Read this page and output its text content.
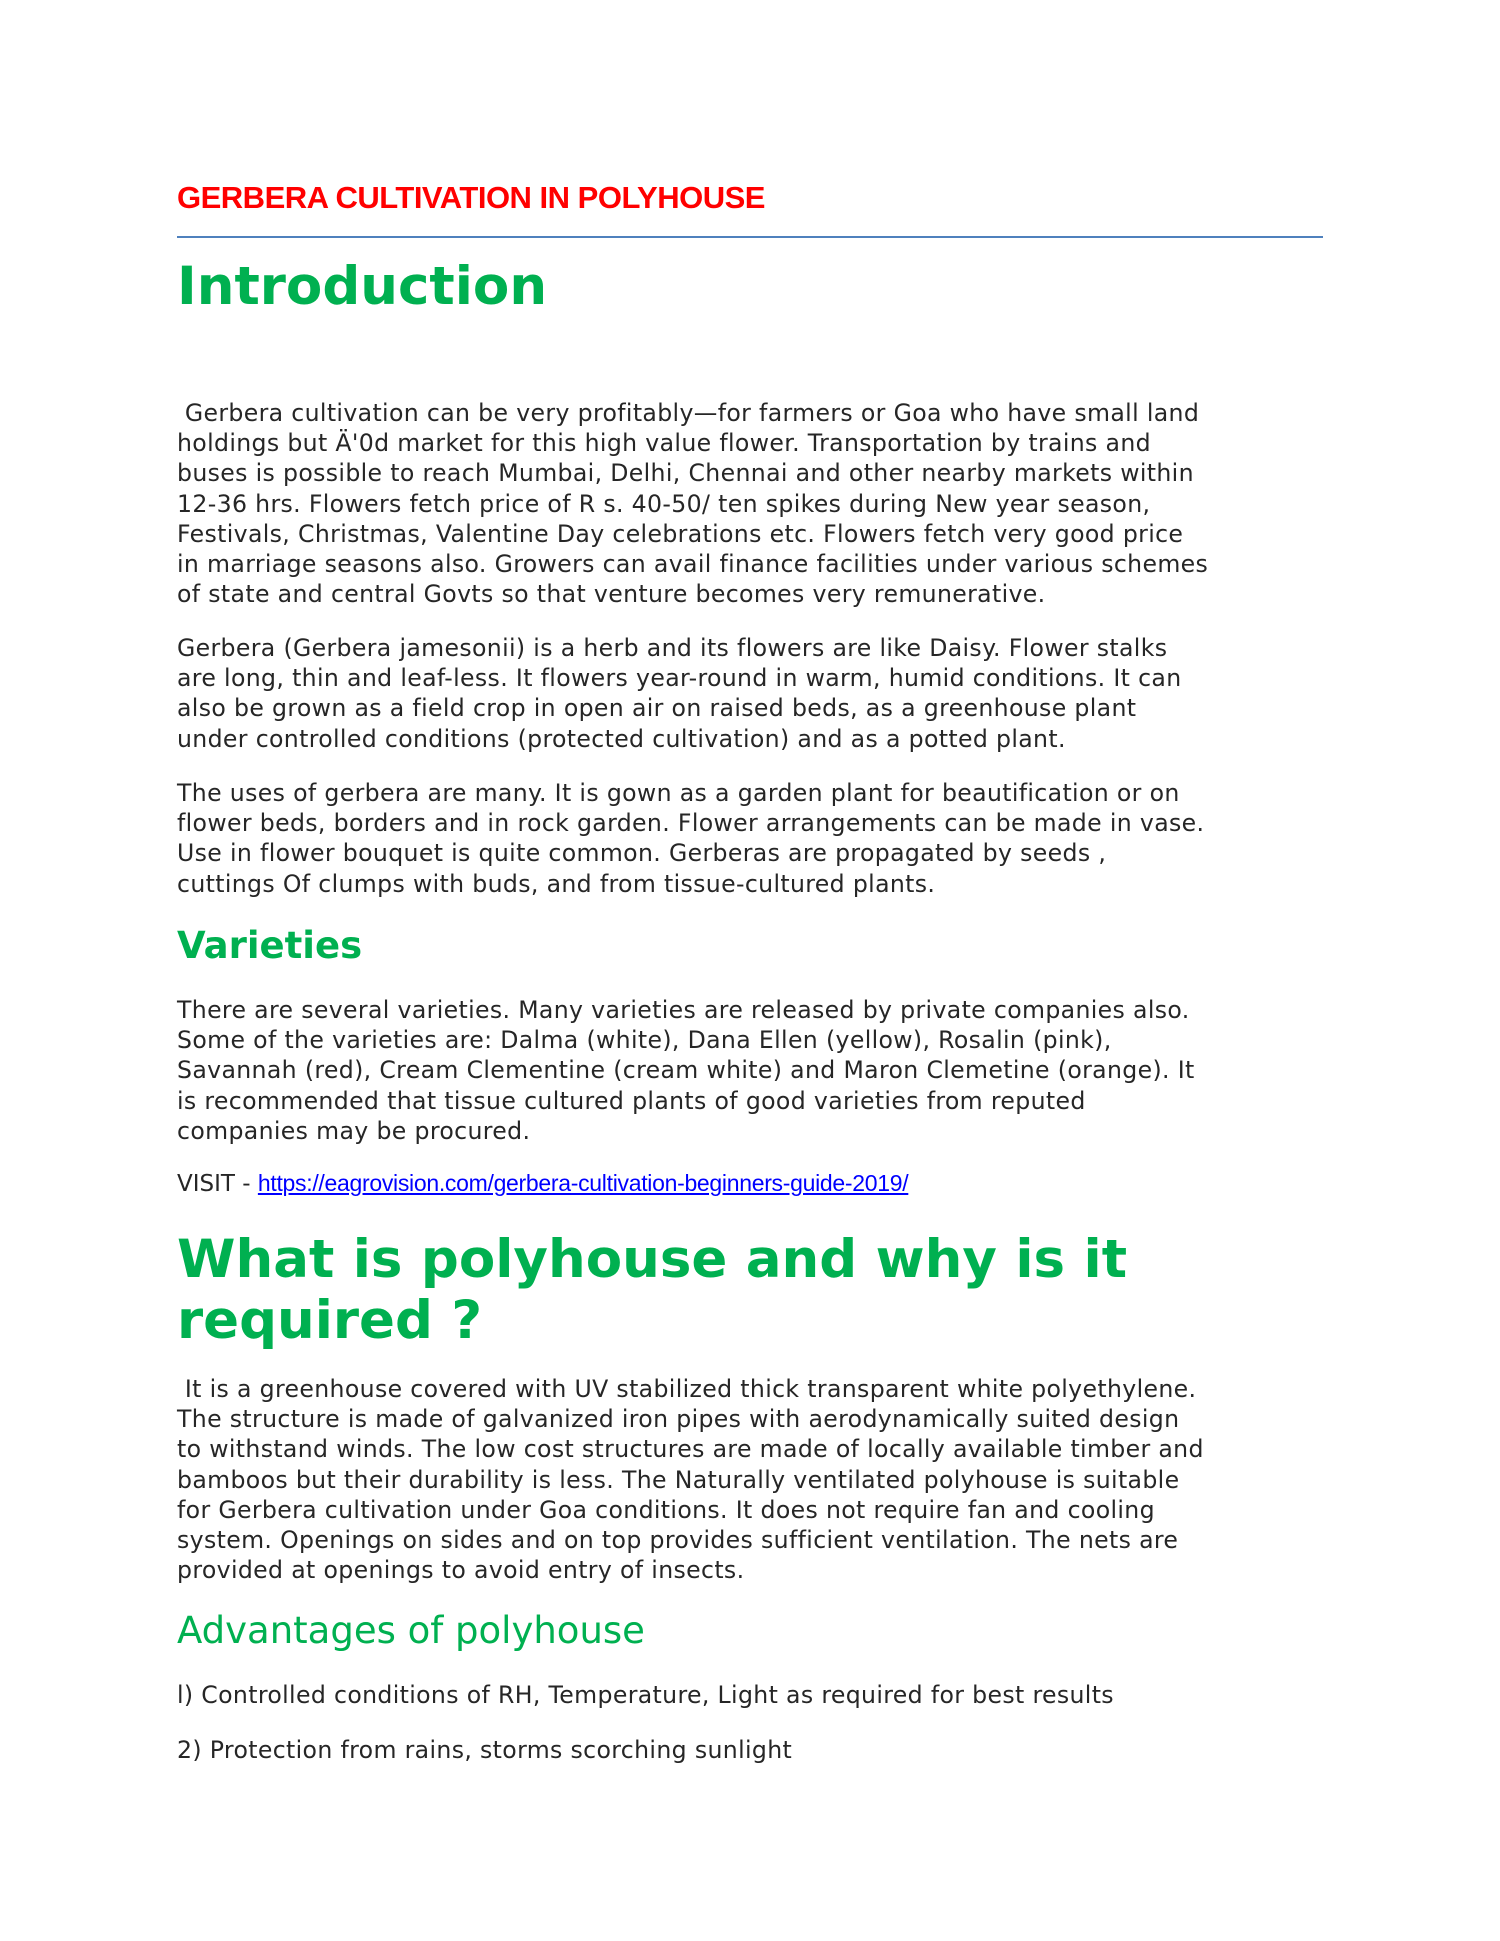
GERBERA CULTIVATION IN POLYHOUSE
Introduction

Gerbera cultivation can be very profitably—for farmers or Goa who have small land
holdings but Ä'0d market for this high value flower. Transportation by trains and
buses is possible to reach Mumbai, Delhi, Chennai and other nearby markets within
12-36 hrs. Flowers fetch price of R s. 40-50/ ten spikes during New year season,
Festivals, Christmas, Valentine Day celebrations etc. Flowers fetch very good price
in marriage seasons also. Growers can avail finance facilities under various schemes
of state and central Govts so that venture becomes very remunerative.

Gerbera (Gerbera jamesonii) is a herb and its flowers are like Daisy. Flower stalks
are long, thin and leaf-less. It flowers year-round in warm, humid conditions. It can
also be grown as a field crop in open air on raised beds, as a greenhouse plant
under controlled conditions (protected cultivation) and as a potted plant.

The uses of gerbera are many. It is gown as a garden plant for beautification or on
flower beds, borders and in rock garden. Flower arrangements can be made in vase.
Use in flower bouquet is quite common. Gerberas are propagated by seeds ,
cuttings Of clumps with buds, and from tissue-cultured plants.

Varieties

There are several varieties. Many varieties are released by private companies also.
Some of the varieties are: Dalma (white), Dana Ellen (yellow), Rosalin (pink),
Savannah (red), Cream Clementine (cream white) and Maron Clemetine (orange). It
is recommended that tissue cultured plants of good varieties from reputed
companies may be procured.

VISIT - https://eagrovision.com/gerbera-cultivation-beginners-guide-2019/
What is polyhouse and why is it
required ?

It is a greenhouse covered with UV stabilized thick transparent white polyethylene.
The structure is made of galvanized iron pipes with aerodynamically suited design
to withstand winds. The low cost structures are made of locally available timber and
bamboos but their durability is less. The Naturally ventilated polyhouse is suitable
for Gerbera cultivation under Goa conditions. It does not require fan and cooling
system. Openings on sides and on top provides sufficient ventilation. The nets are
provided at openings to avoid entry of insects.

Advantages of polyhouse

l) Controlled conditions of RH, Temperature, Light as required for best results

2) Protection from rains, storms scorching sunlight
